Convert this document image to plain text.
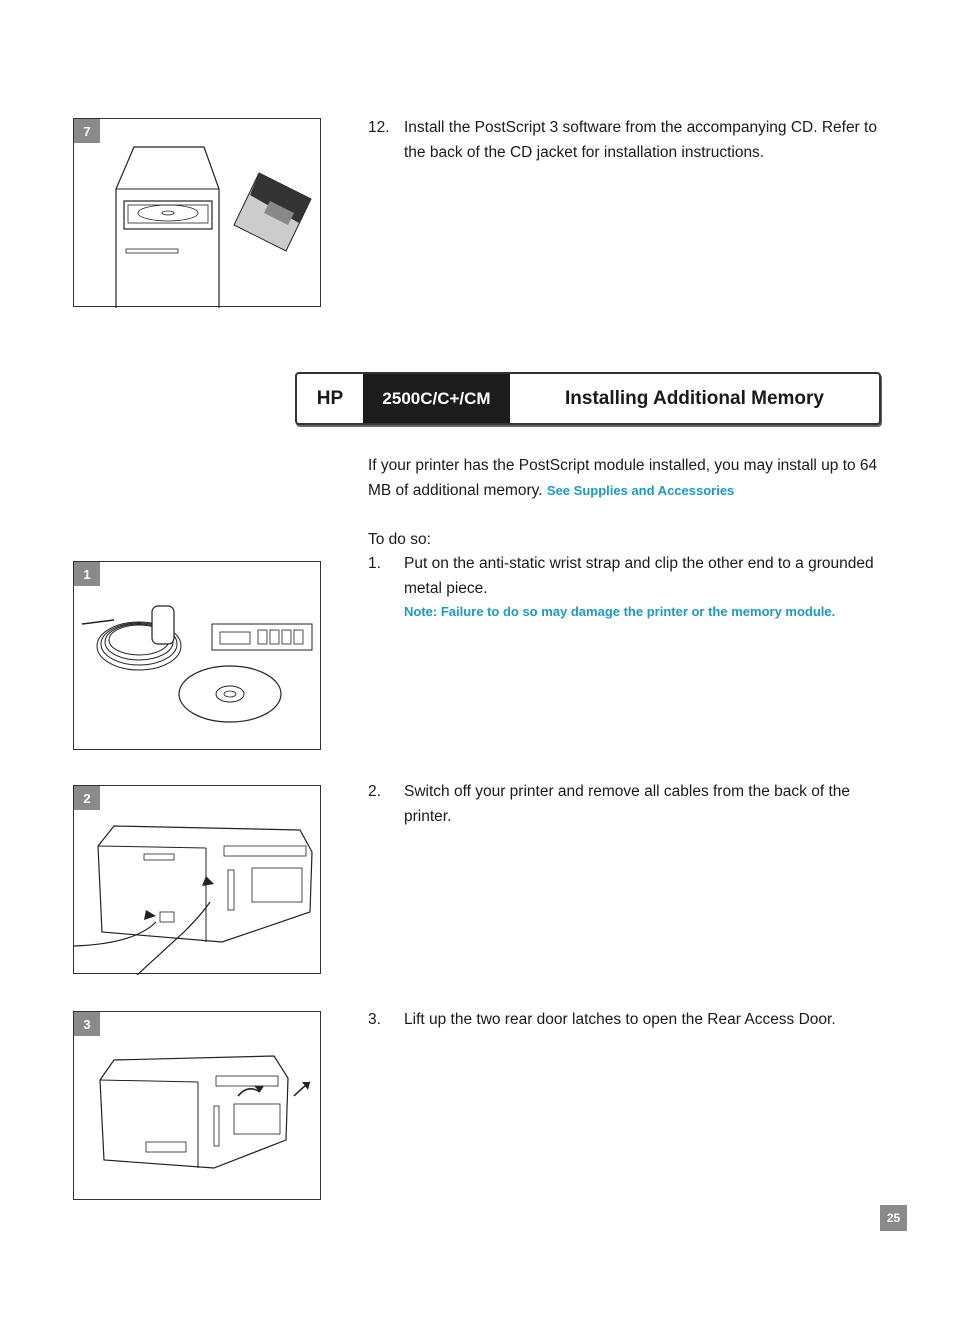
7	12. Install the PostScript 3 software from the accompanying CD. Refer to the back of the CD jacket for installation instructions.
HP	2500C/C+/CM	Installing Additional Memory
If your printer has the PostScript module installed, you may install up to 64 MB of additional memory. See Supplies and Accessories
To do so:
1
1. Put on the anti-static wrist strap and clip the other end to a grounded metal piece.
Note: Failure to do so may damage the printer or the memory module.
2	2. Switch off your printer and remove all cables from the back of the printer.
3	3. Lift up the two rear door latches to open the Rear Access Door.
25
